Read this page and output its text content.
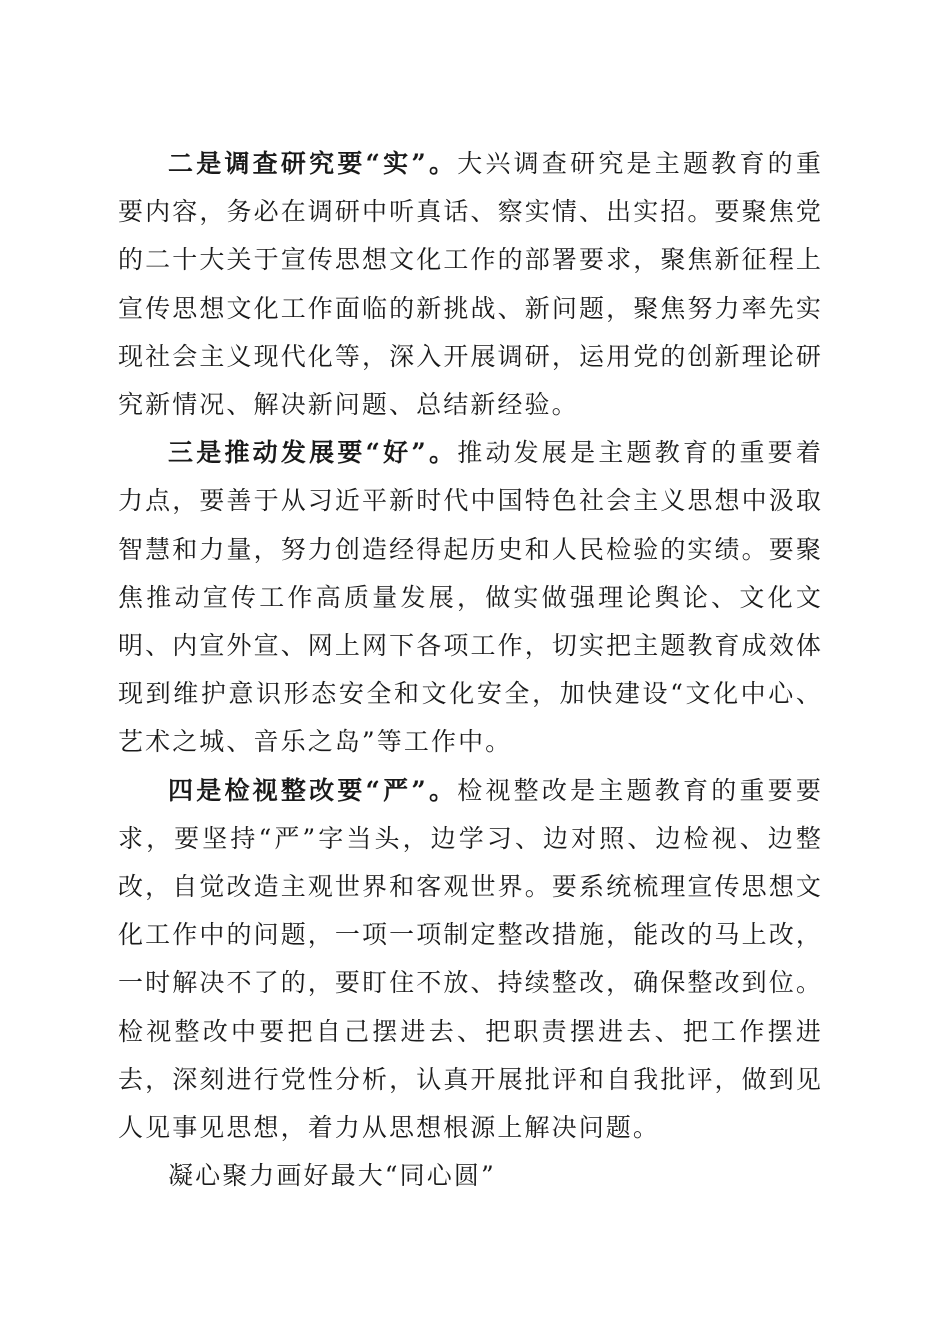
二是调查研究要“实”。大兴调查研究是主题教育的重要内容，务必在调研中听真话、察实情、出实招。要聚焦党的二十大关于宣传思想文化工作的部署要求，聚焦新征程上宣传思想文化工作面临的新挑战、新问题，聚焦努力率先实现社会主义现代化等，深入开展调研，运用党的创新理论研究新情况、解决新问题、总结新经验。

三是推动发展要“好”。推动发展是主题教育的重要着力点，要善于从习近平新时代中国特色社会主义思想中汲取智慧和力量，努力创造经得起历史和人民检验的实绩。要聚焦推动宣传工作高质量发展，做实做强理论舆论、文化文明、内宣外宣、网上网下各项工作，切实把主题教育成效体现到维护意识形态安全和文化安全，加快建设“文化中心、艺术之城、音乐之岛”等工作中。

四是检视整改要“严”。检视整改是主题教育的重要要求，要坚持“严”字当头，边学习、边对照、边检视、边整改，自觉改造主观世界和客观世界。要系统梳理宣传思想文化工作中的问题，一项一项制定整改措施，能改的马上改，一时解决不了的，要盯住不放、持续整改，确保整改到位。检视整改中要把自己摆进去、把职责摆进去、把工作摆进去，深刻进行党性分析，认真开展批评和自我批评，做到见人见事见思想，着力从思想根源上解决问题。

凝心聚力画好最大“同心圆”
